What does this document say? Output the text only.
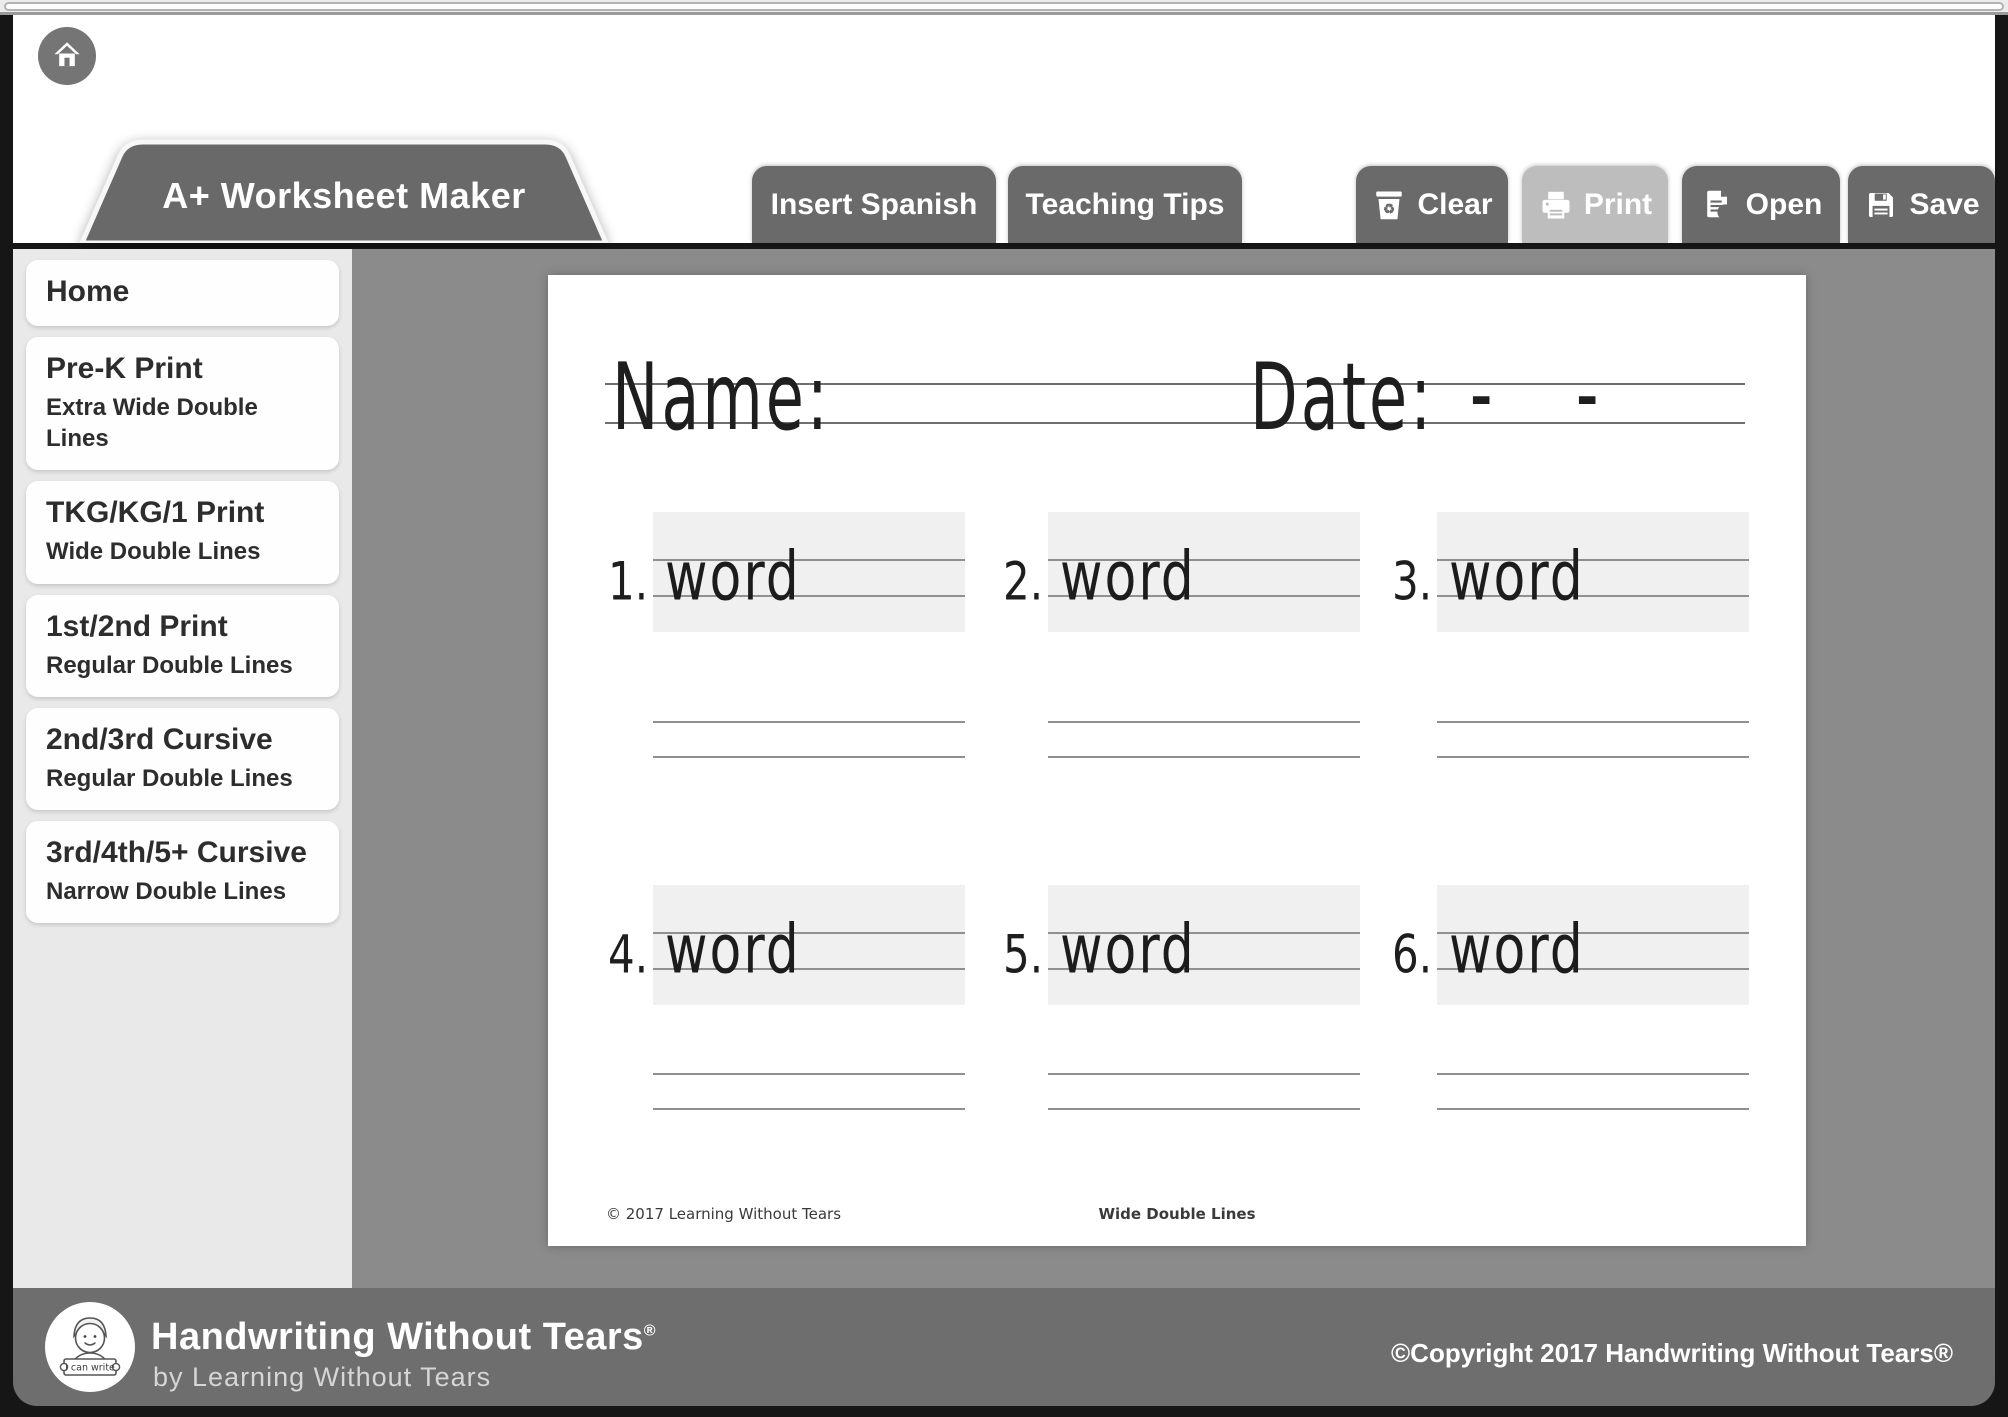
A+ Worksheet Maker	Insert Spanish Teaching Tips	♻ Clear	Print	Open	Save
Home
Pre-K Print
Extra Wide Double Lines
TKG/KG/1 Print
Wide Double Lines
1st/2nd Print
Regular Double Lines
2nd/3rd Cursive
Regular Double Lines
3rd/4th/5+ Cursive
Narrow Double Lines
Name:	Date: - -
1. word	2. word	3. word
4. word	5. word	6. word
© 2017 Learning Without Tears	Wide Double Lines
I can write
Handwriting Without Tears®
by Learning Without Tears
©Copyright 2017 Handwriting Without Tears®
